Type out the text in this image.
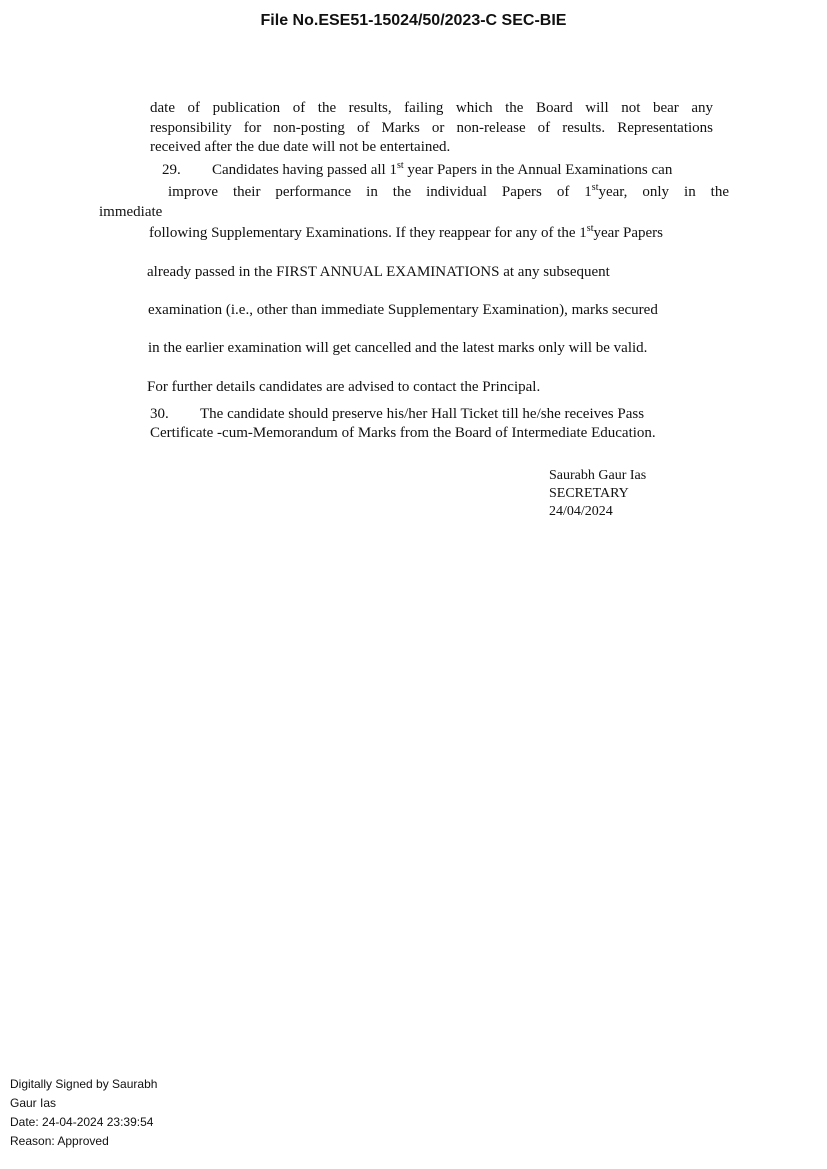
File No.ESE51-15024/50/2023-C SEC-BIE
date of publication of the results, failing which the Board will not bear any
responsibility for non-posting of Marks or non-release of results. Representations
received after the due date will not be entertained.
29. Candidates having passed all 1st year Papers in the Annual Examinations can
improve their performance in the individual Papers of 1styear, only in the
immediate
following Supplementary Examinations. If they reappear for any of the 1styear Papers
already passed in the FIRST ANNUAL EXAMINATIONS at any subsequent
examination (i.e., other than immediate Supplementary Examination), marks secured
in the earlier examination will get cancelled and the latest marks only will be valid.
For further details candidates are advised to contact the Principal.
30. The candidate should preserve his/her Hall Ticket till he/she receives Pass
Certificate -cum-Memorandum of Marks from the Board of Intermediate Education.
Saurabh Gaur Ias
SECRETARY
24/04/2024
Digitally Signed by Saurabh
Gaur Ias
Date: 24-04-2024 23:39:54
Reason: Approved
